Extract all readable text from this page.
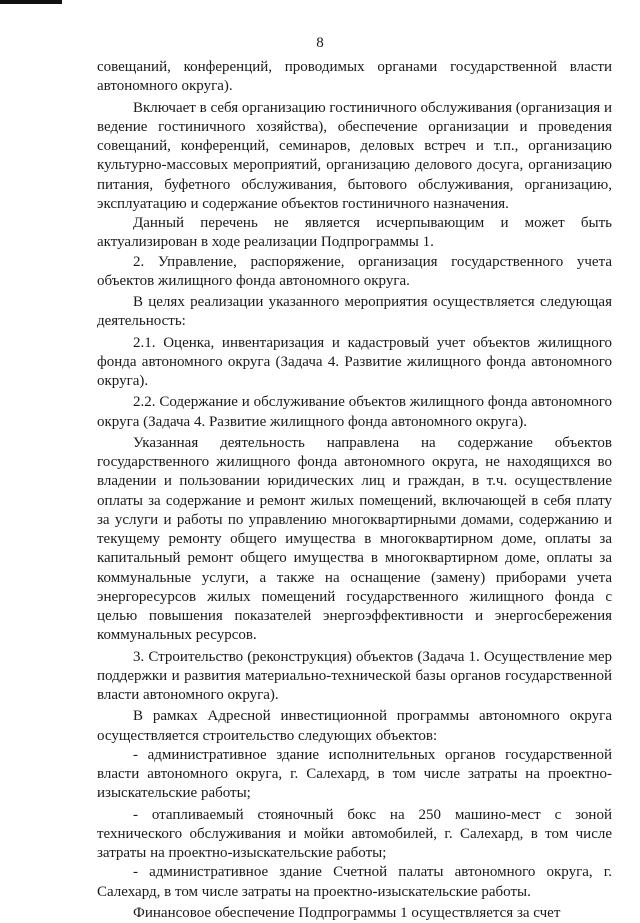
8

совещаний, конференций, проводимых органами государственной власти автономного округа).

Включает в себя организацию гостиничного обслуживания (организация и ведение гостиничного хозяйства), обеспечение организации и проведения совещаний, конференций, семинаров, деловых встреч и т.п., организацию культурно-массовых мероприятий, организацию делового досуга, организацию питания, буфетного обслуживания, бытового обслуживания, организацию, эксплуатацию и содержание объектов гостиничного назначения.

Данный перечень не является исчерпывающим и может быть актуализирован в ходе реализации Подпрограммы 1.

2. Управление, распоряжение, организация государственного учета объектов жилищного фонда автономного округа.

В целях реализации указанного мероприятия осуществляется следующая деятельность:

2.1. Оценка, инвентаризация и кадастровый учет объектов жилищного фонда автономного округа (Задача 4. Развитие жилищного фонда автономного округа).

2.2. Содержание и обслуживание объектов жилищного фонда автономного округа (Задача 4. Развитие жилищного фонда автономного округа).

Указанная деятельность направлена на содержание объектов государственного жилищного фонда автономного округа, не находящихся во владении и пользовании юридических лиц и граждан, в т.ч. осуществление оплаты за содержание и ремонт жилых помещений, включающей в себя плату за услуги и работы по управлению многоквартирными домами, содержанию и текущему ремонту общего имущества в многоквартирном доме, оплаты за капитальный ремонт общего имущества в многоквартирном доме, оплаты за коммунальные услуги, а также на оснащение (замену) приборами учета энергоресурсов жилых помещений государственного жилищного фонда с целью повышения показателей энергоэффективности и энергосбережения коммунальных ресурсов.

3. Строительство (реконструкция) объектов (Задача 1. Осуществление мер поддержки и развития материально-технической базы органов государственной власти автономного округа).

В рамках Адресной инвестиционной программы автономного округа осуществляется строительство следующих объектов:

- административное здание исполнительных органов государственной власти автономного округа, г. Салехард, в том числе затраты на проектно-изыскательские работы;

- отапливаемый стояночный бокс на 250 машино-мест с зоной технического обслуживания и мойки автомобилей, г. Салехард, в том числе затраты на проектно-изыскательские работы;

- административное здание Счетной палаты автономного округа, г. Салехард, в том числе затраты на проектно-изыскательские работы.

Финансовое обеспечение Подпрограммы 1 осуществляется за счет
